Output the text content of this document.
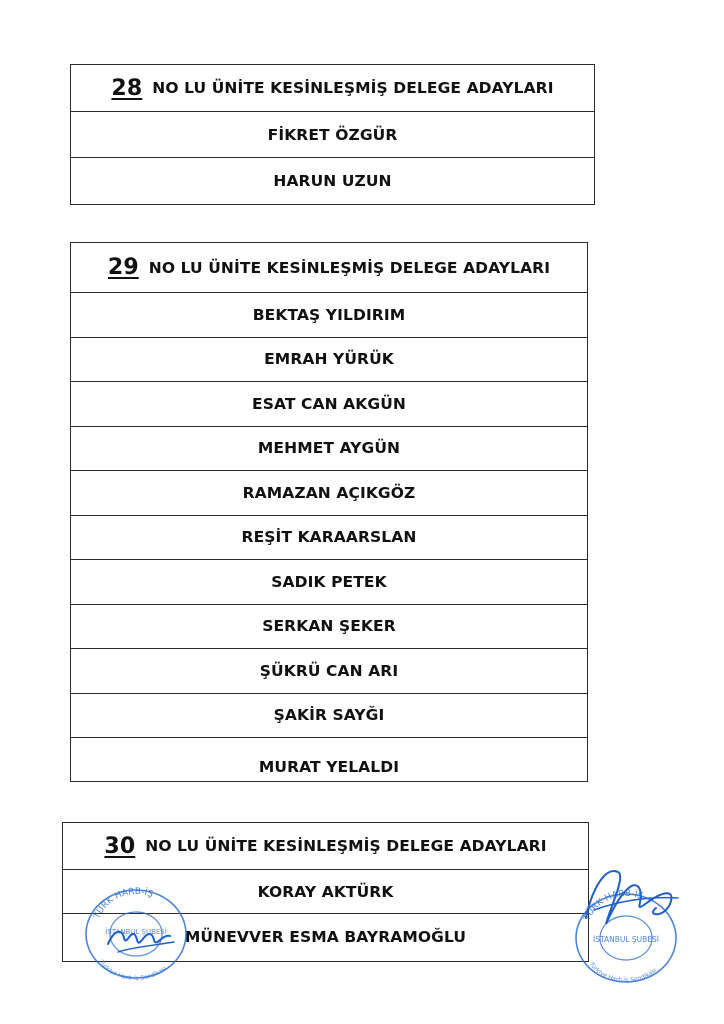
28 NO LU ÜNİTE KESİNLEŞMİŞ DELEGE ADAYLARI
FİKRET ÖZGÜR
HARUN UZUN
29 NO LU ÜNİTE KESİNLEŞMİŞ DELEGE ADAYLARI
BEKTAŞ YILDIRIM
EMRAH YÜRÜK
ESAT CAN AKGÜN
MEHMET AYGÜN
RAMAZAN AÇIKGÖZ
REŞİT KARAARSLAN
SADIK PETEK
SERKAN ŞEKER
ŞÜKRÜ CAN ARI
ŞAKİR SAYĞI
MURAT YELALDI
30 NO LU ÜNİTE KESİNLEŞMİŞ DELEGE ADAYLARI
KORAY AKTÜRK
MÜNEVVER ESMA BAYRAMOĞLU
TÜRK HARB-İŞ
Türkiye Harb-İş Sendikası
İSTANBUL ŞUBESİ
TÜRK HARB-İŞ
Türkiye Harb-İş Sendikası
İSTANBUL ŞUBESİ
